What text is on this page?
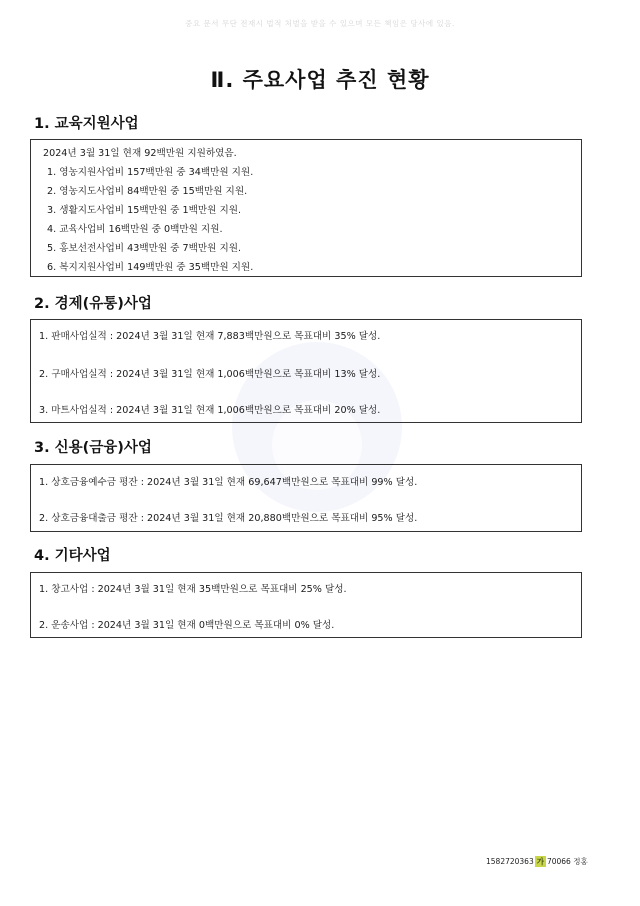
중요 문서 무단 전재시 법적 처벌을 받을 수 있으며 모든 책임은 당사에 있음.
Ⅱ. 주요사업 추진 현황
1. 교육지원사업
2024년 3월 31일 현재 92백만원 지원하였음.
1. 영농지원사업비 157백만원 중 34백만원 지원.
2. 영농지도사업비 84백만원 중 15백만원 지원.
3. 생활지도사업비 15백만원 중 1백만원 지원.
4. 교육사업비 16백만원 중 0백만원 지원.
5. 홍보선전사업비 43백만원 중 7백만원 지원.
6. 복지지원사업비 149백만원 중 35백만원 지원.
2. 경제(유통)사업
1. 판매사업실적 : 2024년 3월 31일 현재 7,883백만원으로 목표대비 35% 달성.
2. 구매사업실적 : 2024년 3월 31일 현재 1,006백만원으로 목표대비 13% 달성.
3. 마트사업실적 : 2024년 3월 31일 현재 1,006백만원으로 목표대비 20% 달성.
3. 신용(금융)사업
1. 상호금융예수금 평잔 : 2024년 3월 31일 현재 69,647백만원으로 목표대비 99% 달성.
2. 상호금융대출금 평잔 : 2024년 3월 31일 현재 20,880백만원으로 목표대비 95% 달성.
4. 기타사업
1. 창고사업 : 2024년 3월 31일 현재 35백만원으로 목표대비 25% 달성.
2. 운송사업 : 2024년 3월 31일 현재 0백만원으로 목표대비 0% 달성.
1582720363 가 70066 정홍
